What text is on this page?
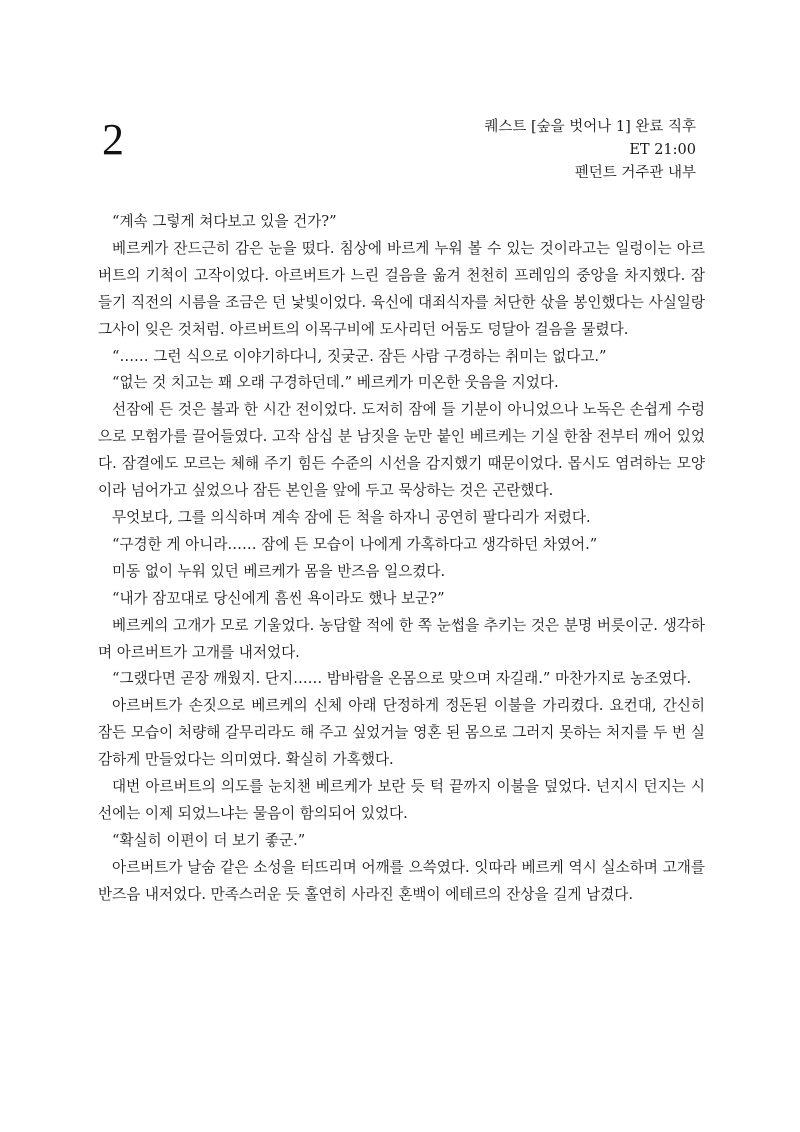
2	퀘스트 [숲을 벗어나 1] 완료 직후
ET 21:00
펜던트 거주관 내부

“계속 그렇게 쳐다보고 있을 건가?”

베르케가 잔드근히 감은 눈을 떴다. 침상에 바르게 누워 볼 수 있는 것이라고는 일렁이는 아르버트의 기척이 고작이었다. 아르버트가 느린 걸음을 옮겨 천천히 프레임의 중앙을 차지했다. 잠들기 직전의 시름을 조금은 던 낯빛이었다. 육신에 대죄식자를 처단한 삯을 봉인했다는 사실일랑 그사이 잊은 것처럼. 아르버트의 이목구비에 도사리던 어둠도 덩달아 걸음을 물렸다.

“…… 그런 식으로 이야기하다니, 짓궂군. 잠든 사람 구경하는 취미는 없다고.”

“없는 것 치고는 꽤 오래 구경하던데.” 베르케가 미온한 웃음을 지었다.

선잠에 든 것은 불과 한 시간 전이었다. 도저히 잠에 들 기분이 아니었으나 노독은 손쉽게 수렁으로 모험가를 끌어들였다. 고작 삼십 분 남짓을 눈만 붙인 베르케는 기실 한참 전부터 깨어 있었다. 잠결에도 모르는 체해 주기 힘든 수준의 시선을 감지했기 때문이었다. 몹시도 염려하는 모양이라 넘어가고 싶었으나 잠든 본인을 앞에 두고 묵상하는 것은 곤란했다.

무엇보다, 그를 의식하며 계속 잠에 든 척을 하자니 공연히 팔다리가 저렸다.

“구경한 게 아니라…… 잠에 든 모습이 나에게 가혹하다고 생각하던 차였어.”

미동 없이 누워 있던 베르케가 몸을 반즈음 일으켰다.

“내가 잠꼬대로 당신에게 흠씬 욕이라도 했나 보군?”

베르케의 고개가 모로 기울었다. 농담할 적에 한 쪽 눈썹을 추키는 것은 분명 버릇이군. 생각하며 아르버트가 고개를 내저었다.

“그랬다면 곧장 깨웠지. 단지…… 밤바람을 온몸으로 맞으며 자길래.” 마찬가지로 농조였다.

아르버트가 손짓으로 베르케의 신체 아래 단정하게 정돈된 이불을 가리켰다. 요컨대, 간신히 잠든 모습이 처량해 갈무리라도 해 주고 싶었거늘 영혼 된 몸으로 그러지 못하는 처지를 두 번 실감하게 만들었다는 의미였다. 확실히 가혹했다.

대번 아르버트의 의도를 눈치챈 베르케가 보란 듯 턱 끝까지 이불을 덮었다. 넌지시 던지는 시선에는 이제 되었느냐는 물음이 함의되어 있었다.

“확실히 이편이 더 보기 좋군.”

아르버트가 날숨 같은 소성을 터뜨리며 어깨를 으쓱였다. 잇따라 베르케 역시 실소하며 고개를 반즈음 내저었다. 만족스러운 듯 홀연히 사라진 혼백이 에테르의 잔상을 길게 남겼다.
